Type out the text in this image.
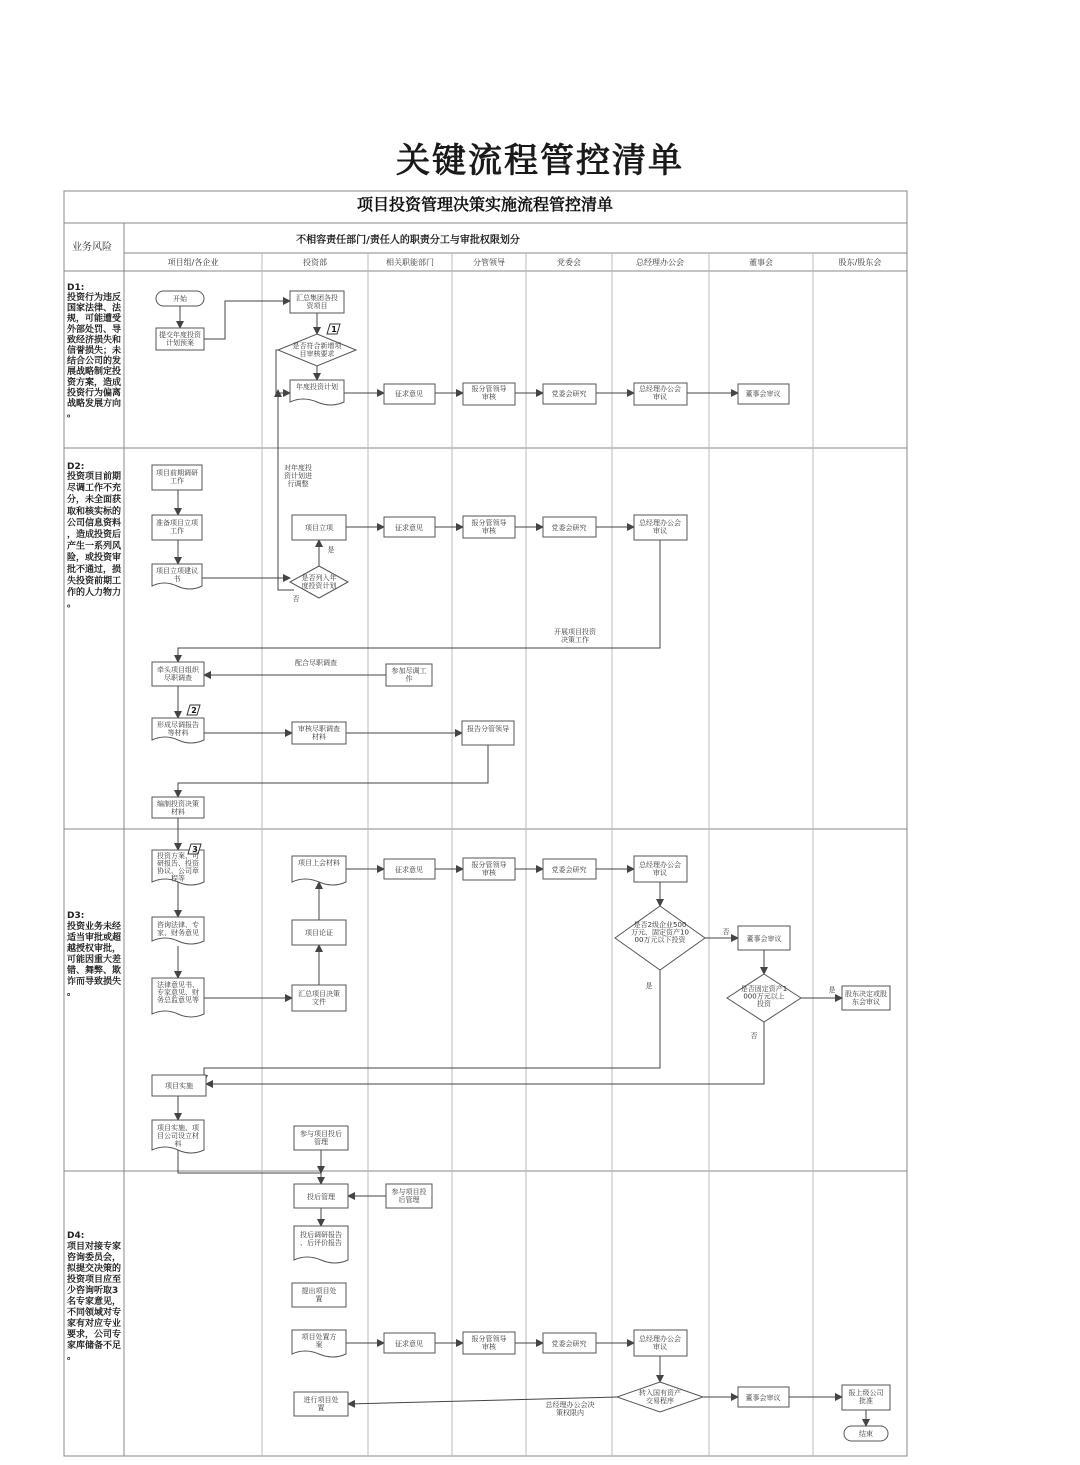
关键流程管控清单
项目投资管理决策实施流程管控清单
业务风险
不相容责任部门/责任人的职责分工与审批权限划分
项目组/各企业	投资部	相关职能部门	分管领导	党委会	总经理办公会	董事会	股东/股东会
D1:
投资行为违反国家法律、法规，可能遭受外部处罚、导致经济损失和信誉损失；未结合公司的发展战略制定投资方案，造成投资行为偏离战略发展方向。
D2:
投资项目前期尽调工作不充分，未全面获取和核实标的公司信息资料，造成投资后产生一系列风险，或投资审批不通过，损失投资前期工作的人力物力。
D3:
投资业务未经适当审批或超越授权审批，可能因重大差错、舞弊、欺诈而导致损失。
D4:
项目对接专家咨询委员会，拟提交决策的投资项目应至少咨询听取3 名专家意见，不同领域对专家有对应专业要求，公司专家库储备不足。
1
2
3
开始
提交年度投资计划预案
汇总集团各投资项目
是否符合新增项目审核要求
年度投资计划
征求意见
报分管领导审核	党委会研究
总经理办公会审议	董事会审议
对年度投资计划进行调整
项目前期调研工作
准备项目立项工作
项目立项建议书
项目立项
是否列入年度投资计划
征求意见
报分管领导审核	党委会研究
总经理办公会审议
开展项目投资决策工作
牵头项目组织尽职调查
配合尽职调查
参加尽调工作
形成尽调报告等材料	审核尽职调查材料
报告分管领导
编制投资决策材料
投资方案、可研报告、投资协议、公司章程等
项目上会材料
征求意见
报分管领导审核	党委会研究
总经理办公会审议
咨询法律、专家、财务意见	项目论证
是否2级企业500 万元、固定资产10 00万元以下投资	董事会审议
法律意见书、专家意见、财务总监意见等
汇总项目决策文件
是否固定资产1 000万元以上投资
股东决定或股东会审议
项目实施
项目实施、项目公司设立材料
参与项目投后管理
投后管理
参与项目投后管理
投后调研报告、后评价报告
提出项目处置
项目处置方案	征求意见
报分管领导审核	党委会研究
总经理办公会审议
转入国有资产交易程序	董事会审议
报上级公司批准
结束
进行项目处置	总经理办公会决策权限内
是
否
否
是	是
否
